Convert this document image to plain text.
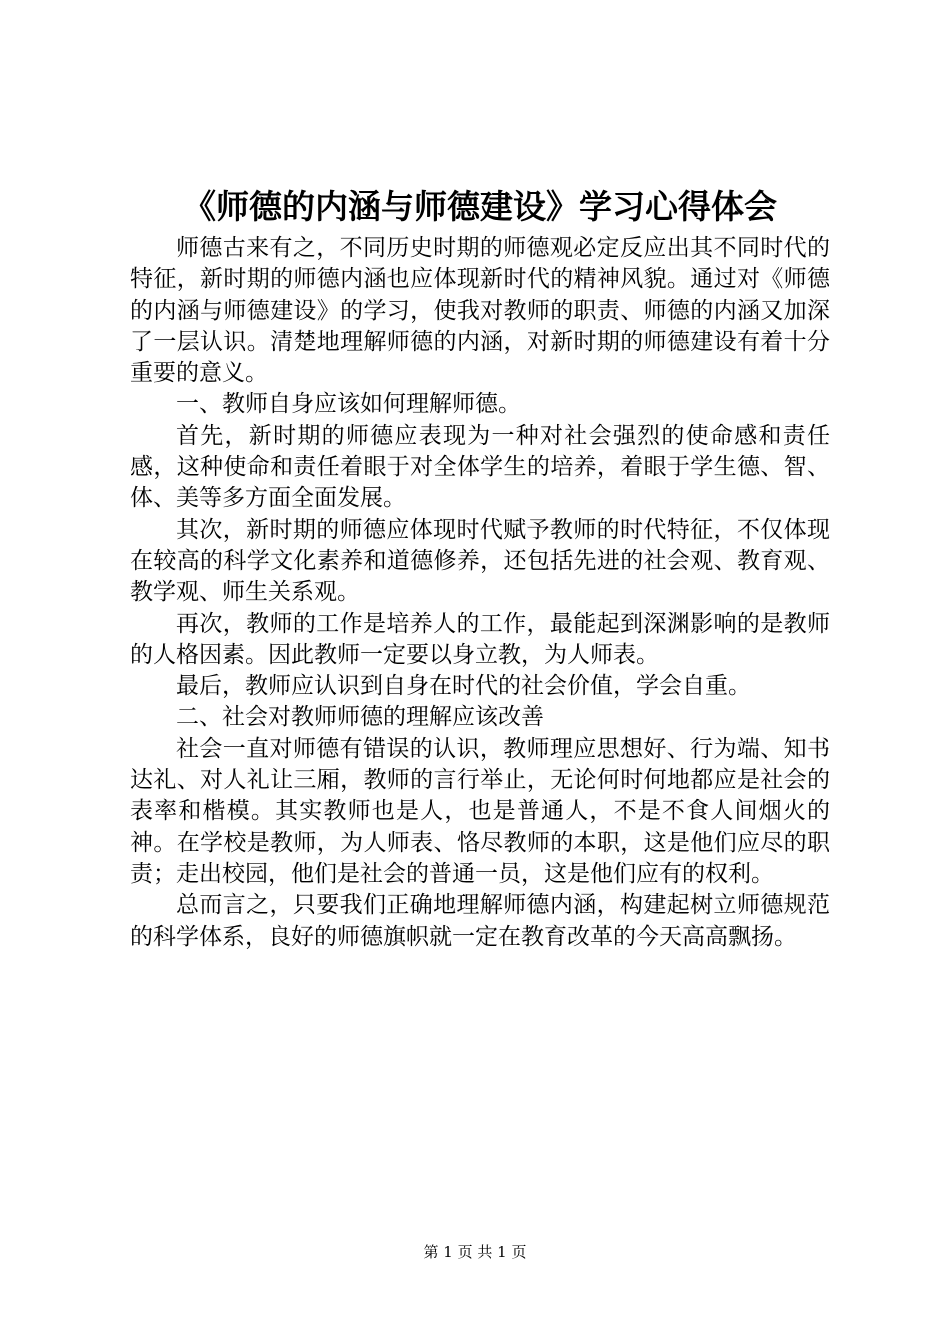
《师德的内涵与师德建设》学习心得体会

师德古来有之，不同历史时期的师德观必定反应出其不同时代的特征，新时期的师德内涵也应体现新时代的精神风貌。通过对《师德的内涵与师德建设》的学习，使我对教师的职责、师德的内涵又加深了一层认识。清楚地理解师德的内涵，对新时期的师德建设有着十分重要的意义。

一、教师自身应该如何理解师德。

首先，新时期的师德应表现为一种对社会强烈的使命感和责任感，这种使命和责任着眼于对全体学生的培养，着眼于学生德、智、体、美等多方面全面发展。

其次，新时期的师德应体现时代赋予教师的时代特征，不仅体现在较高的科学文化素养和道德修养，还包括先进的社会观、教育观、教学观、师生关系观。

再次，教师的工作是培养人的工作，最能起到深渊影响的是教师的人格因素。因此教师一定要以身立教，为人师表。

最后，教师应认识到自身在时代的社会价值，学会自重。

二、社会对教师师德的理解应该改善

社会一直对师德有错误的认识，教师理应思想好、行为端、知书达礼、对人礼让三厢，教师的言行举止，无论何时何地都应是社会的表率和楷模。其实教师也是人，也是普通人，不是不食人间烟火的神。在学校是教师，为人师表、恪尽教师的本职，这是他们应尽的职责；走出校园，他们是社会的普通一员，这是他们应有的权利。

总而言之，只要我们正确地理解师德内涵，构建起树立师德规范的科学体系，良好的师德旗帜就一定在教育改革的今天高高飘扬。

第 1 页 共 1 页
